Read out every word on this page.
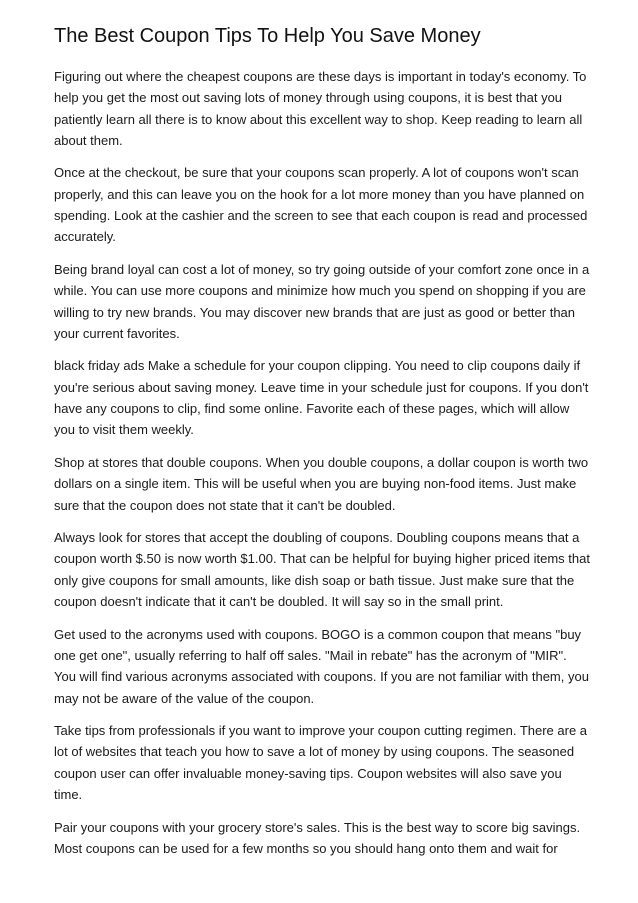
The Best Coupon Tips To Help You Save Money

Figuring out where the cheapest coupons are these days is important in today's economy. To help you get the most out saving lots of money through using coupons, it is best that you patiently learn all there is to know about this excellent way to shop. Keep reading to learn all about them.

Once at the checkout, be sure that your coupons scan properly. A lot of coupons won't scan properly, and this can leave you on the hook for a lot more money than you have planned on spending. Look at the cashier and the screen to see that each coupon is read and processed accurately.

Being brand loyal can cost a lot of money, so try going outside of your comfort zone once in a while. You can use more coupons and minimize how much you spend on shopping if you are willing to try new brands. You may discover new brands that are just as good or better than your current favorites.

black friday ads Make a schedule for your coupon clipping. You need to clip coupons daily if you're serious about saving money. Leave time in your schedule just for coupons. If you don't have any coupons to clip, find some online. Favorite each of these pages, which will allow you to visit them weekly.

Shop at stores that double coupons. When you double coupons, a dollar coupon is worth two dollars on a single item. This will be useful when you are buying non-food items. Just make sure that the coupon does not state that it can't be doubled.

Always look for stores that accept the doubling of coupons. Doubling coupons means that a coupon worth $.50 is now worth $1.00. That can be helpful for buying higher priced items that only give coupons for small amounts, like dish soap or bath tissue. Just make sure that the coupon doesn't indicate that it can't be doubled. It will say so in the small print.

Get used to the acronyms used with coupons. BOGO is a common coupon that means "buy one get one", usually referring to half off sales. "Mail in rebate" has the acronym of "MIR". You will find various acronyms associated with coupons. If you are not familiar with them, you may not be aware of the value of the coupon.

Take tips from professionals if you want to improve your coupon cutting regimen. There are a lot of websites that teach you how to save a lot of money by using coupons. The seasoned coupon user can offer invaluable money-saving tips. Coupon websites will also save you time.

Pair your coupons with your grocery store's sales. This is the best way to score big savings. Most coupons can be used for a few months so you should hang onto them and wait for
